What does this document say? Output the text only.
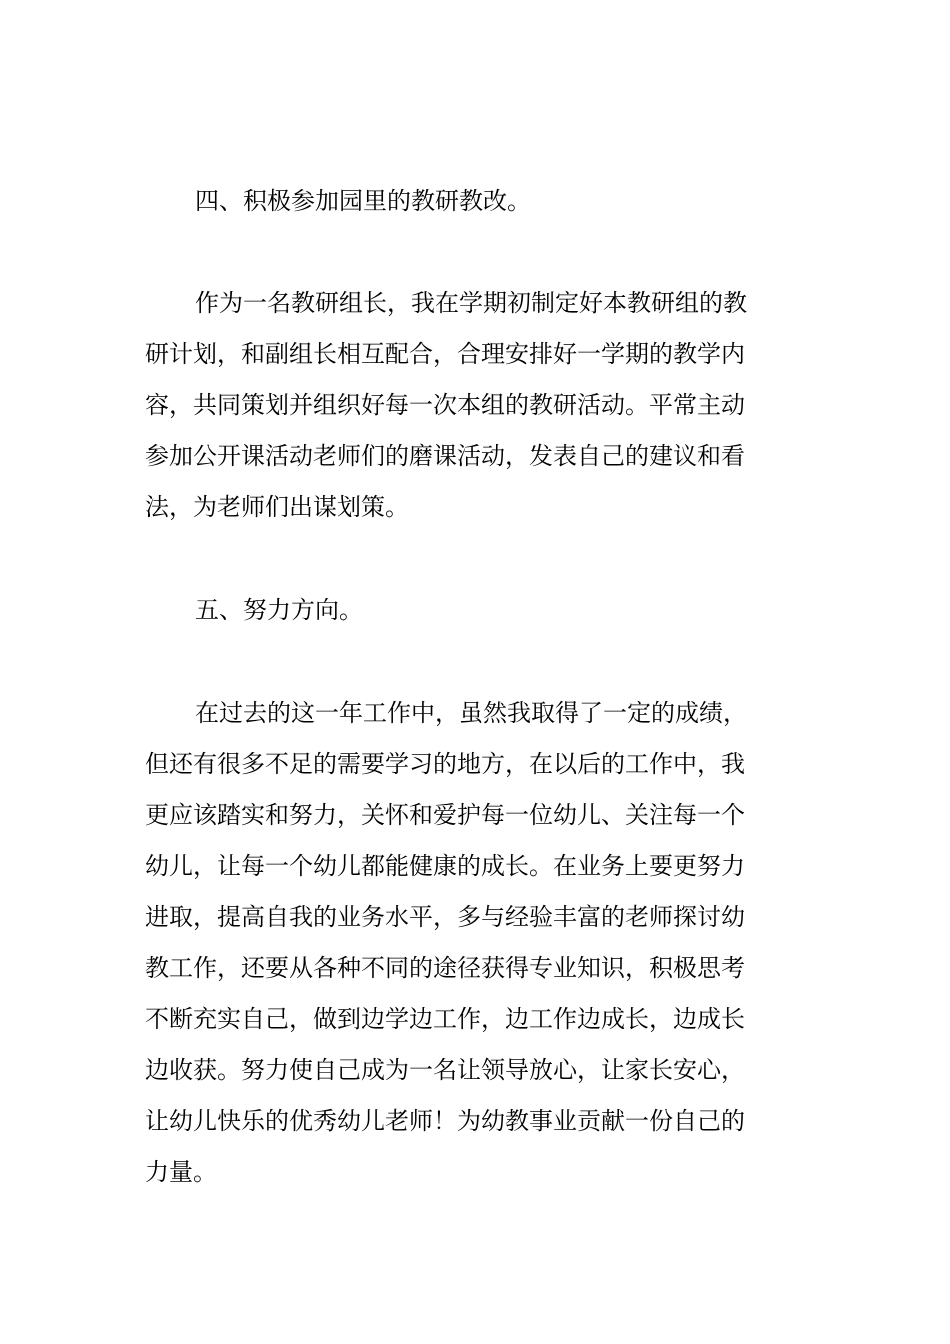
四、积极参加园里的教研教改。
作为一名教研组长，我在学期初制定好本教研组的教
研计划，和副组长相互配合，合理安排好一学期的教学内
容，共同策划并组织好每一次本组的教研活动。平常主动
参加公开课活动老师们的磨课活动，发表自己的建议和看
法，为老师们出谋划策。
五、努力方向。
在过去的这一年工作中，虽然我取得了一定的成绩，
但还有很多不足的需要学习的地方，在以后的工作中，我
更应该踏实和努力，关怀和爱护每一位幼儿、关注每一个
幼儿，让每一个幼儿都能健康的成长。在业务上要更努力
进取，提高自我的业务水平，多与经验丰富的老师探讨幼
教工作，还要从各种不同的途径获得专业知识，积极思考
不断充实自己，做到边学边工作，边工作边成长，边成长
边收获。努力使自己成为一名让领导放心，让家长安心，
让幼儿快乐的优秀幼儿老师！为幼教事业贡献一份自己的
力量。
